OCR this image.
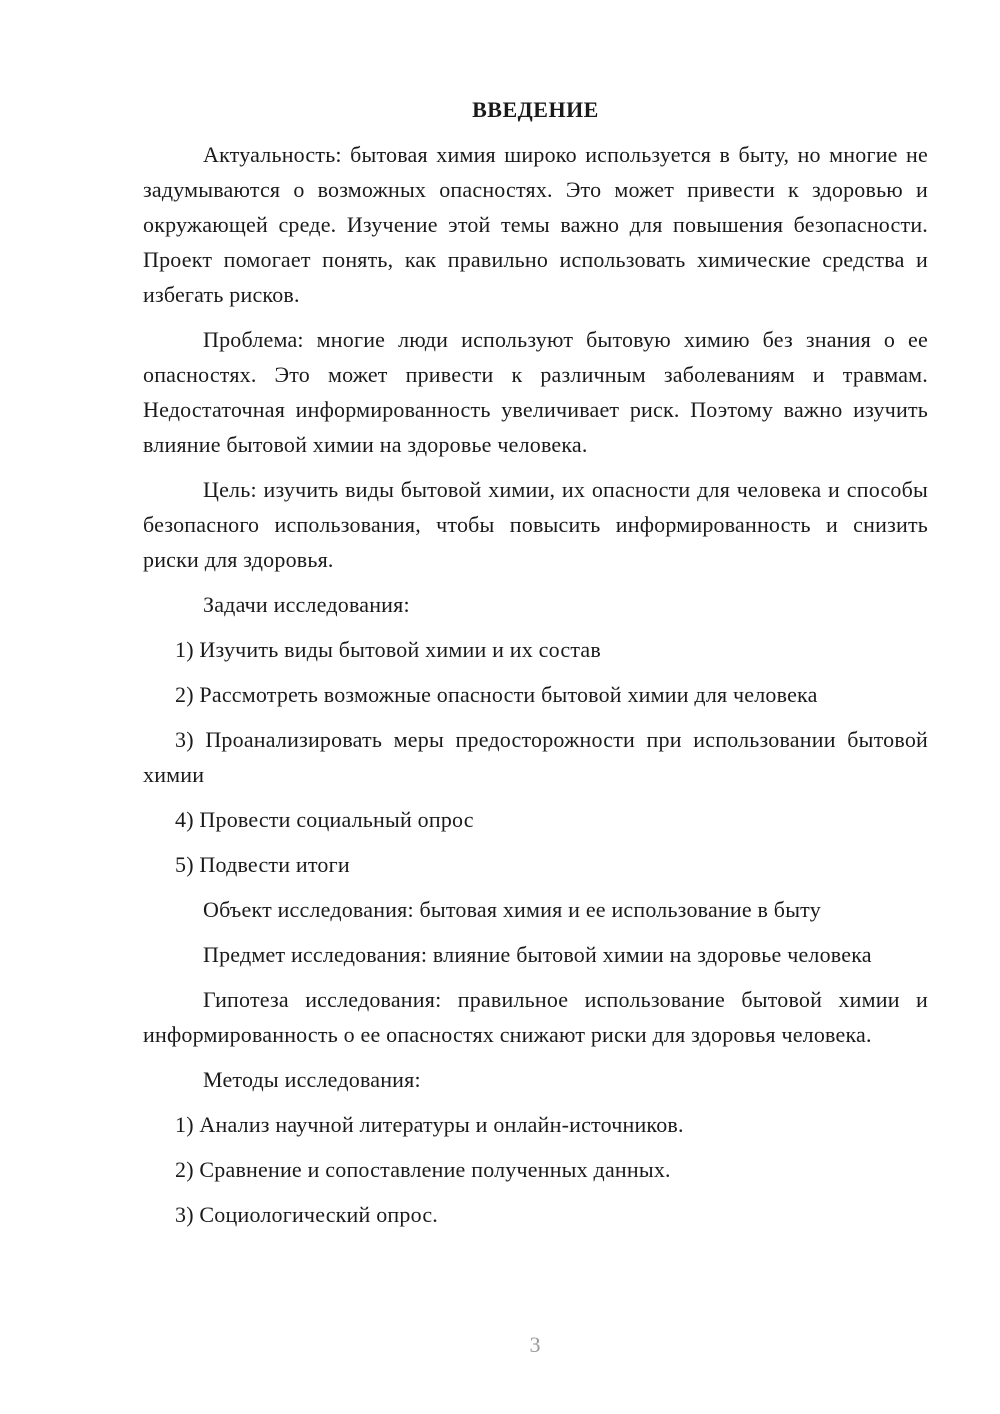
ВВЕДЕНИЕ

Актуальность: бытовая химия широко используется в быту, но многие не задумываются о возможных опасностях. Это может привести к здоровью и окружающей среде. Изучение этой темы важно для повышения безопасности. Проект помогает понять, как правильно использовать химические средства и избегать рисков.

Проблема: многие люди используют бытовую химию без знания о ее опасностях. Это может привести к различным заболеваниям и травмам. Недостаточная информированность увеличивает риск. Поэтому важно изучить влияние бытовой химии на здоровье человека.

Цель: изучить виды бытовой химии, их опасности для человека и способы безопасного использования, чтобы повысить информированность и снизить риски для здоровья.

Задачи исследования:

1) Изучить виды бытовой химии и их состав

2) Рассмотреть возможные опасности бытовой химии для человека

3) Проанализировать меры предосторожности при использовании бытовой химии

4) Провести социальный опрос

5) Подвести итоги

Объект исследования: бытовая химия и ее использование в быту

Предмет исследования: влияние бытовой химии на здоровье человека

Гипотеза исследования: правильное использование бытовой химии и информированность о ее опасностях снижают риски для здоровья человека.

Методы исследования:

1) Анализ научной литературы и онлайн-источников.

2) Сравнение и сопоставление полученных данных.

3) Социологический опрос.

3
